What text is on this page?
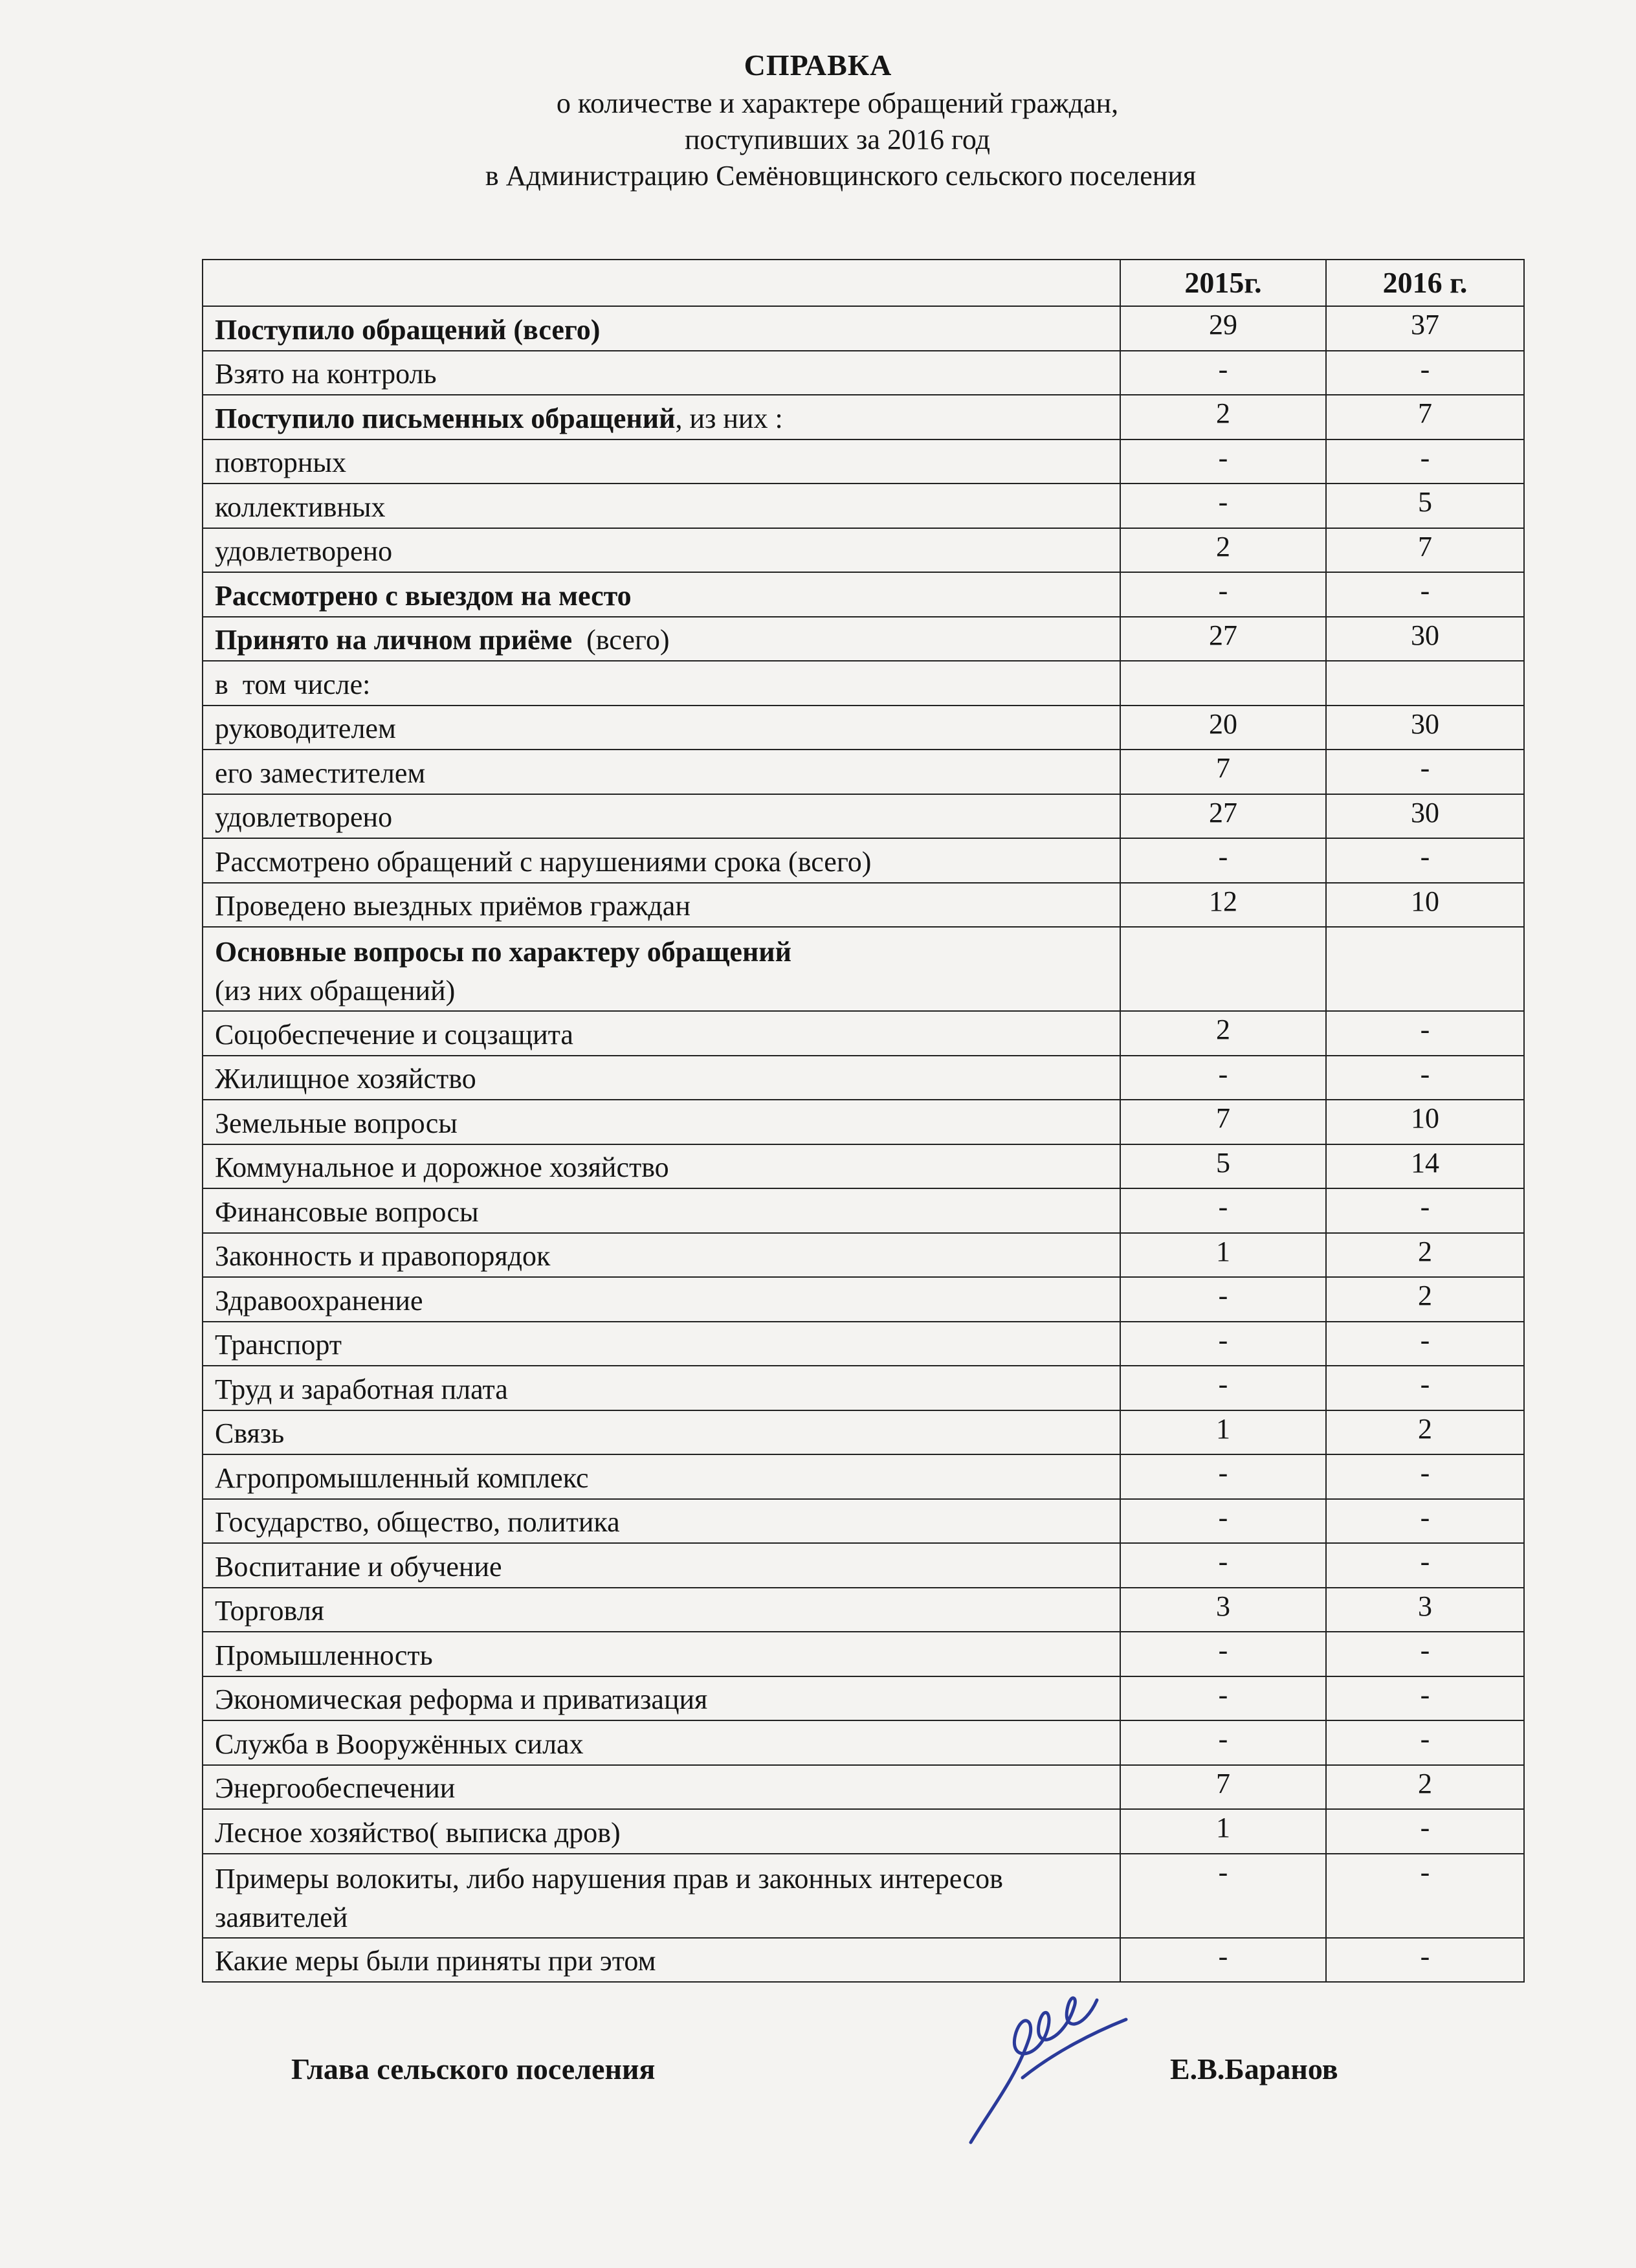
СПРАВКА
о количестве и характере обращений граждан,
поступивших за 2016 год
в Администрацию Семёновщинского сельского поселения
	2015г.	2016 г.
Поступило обращений (всего)	29	37
Взято на контроль	-	-
Поступило письменных обращений, из них :	2	7
повторных	-	-
коллективных	-	5
удовлетворено	2	7
Рассмотрено с выездом на место	-	-
Принято на личном приёме  (всего)	27	30
в  том числе:		
руководителем	20	30
его заместителем	7	-
удовлетворено	27	30
Рассмотрено обращений с нарушениями срока (всего)	-	-
Проведено выездных приёмов граждан	12	10
Основные вопросы по характеру обращений
(из них обращений)		
Соцобеспечение и соцзащита	2	-
Жилищное хозяйство	-	-
Земельные вопросы	7	10
Коммунальное и дорожное хозяйство	5	14
Финансовые вопросы	-	-
Законность и правопорядок	1	2
Здравоохранение	-	2
Транспорт	-	-
Труд и заработная плата	-	-
Связь	1	2
Агропромышленный комплекс	-	-
Государство, общество, политика	-	-
Воспитание и обучение	-	-
Торговля	3	3
Промышленность	-	-
Экономическая реформа и приватизация	-	-
Служба в Вооружённых силах	-	-
Энергообеспечении	7	2
Лесное хозяйство( выписка дров)	1	-
Примеры волокиты, либо нарушения прав и законных интересов заявителей	-	-
Какие меры были приняты при этом	-	-
Глава сельского поселения	Е.В.Баранов
